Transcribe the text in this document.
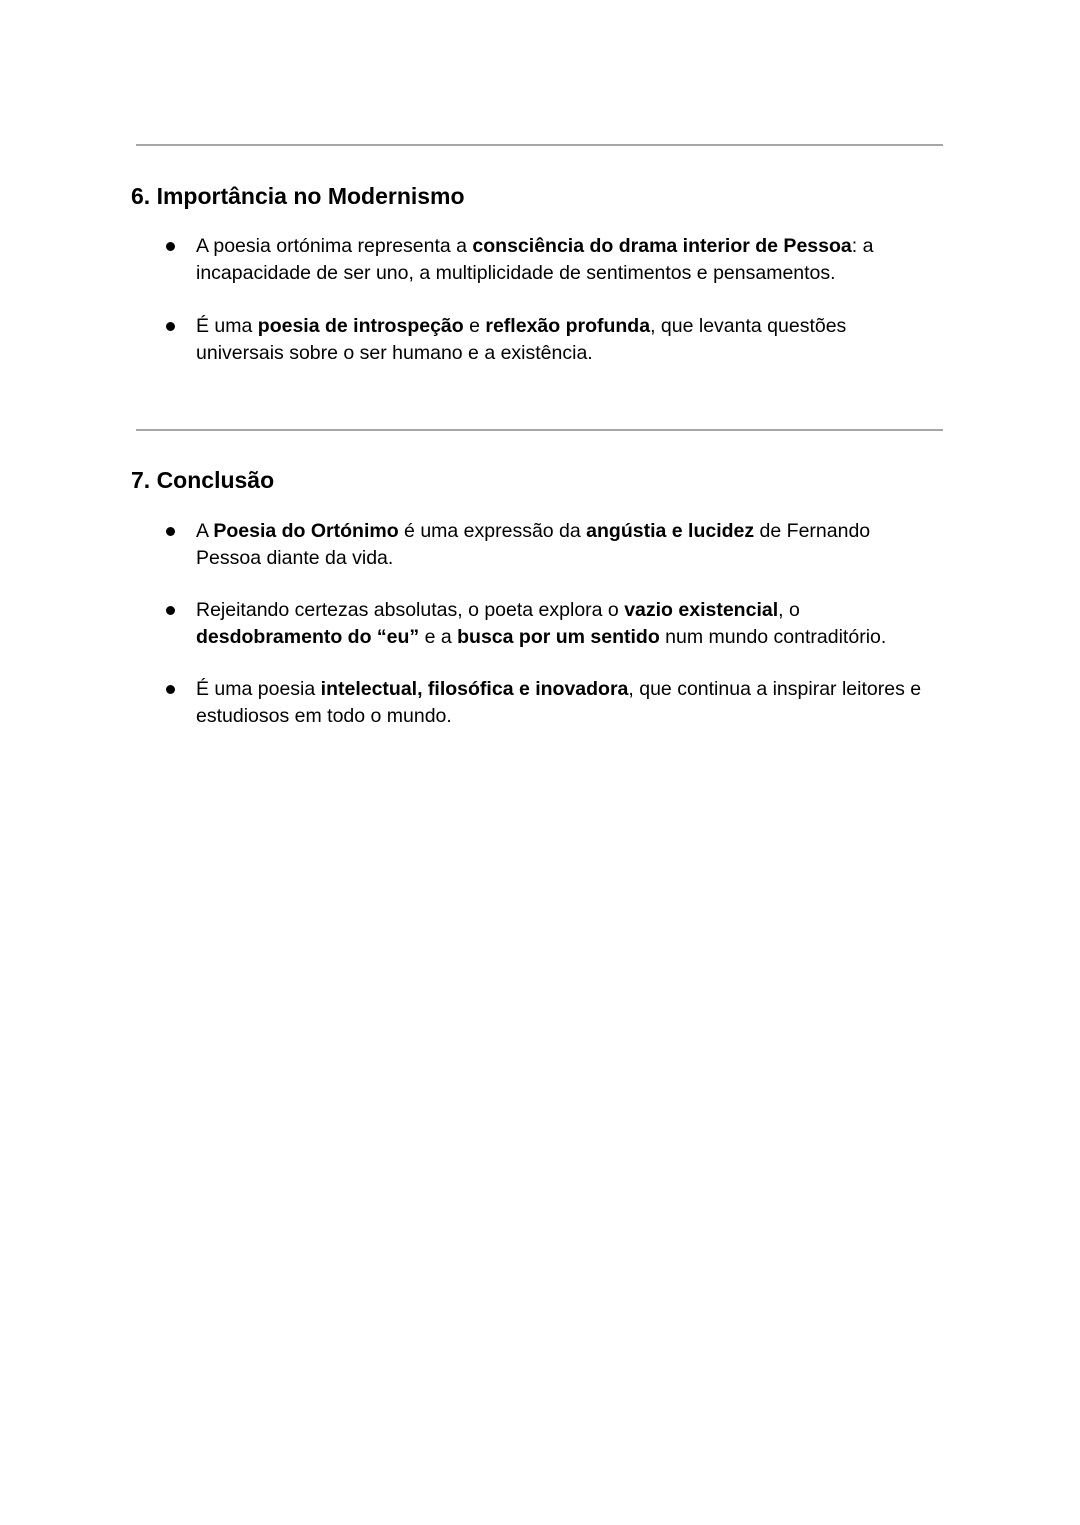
6. Importância no Modernismo

A poesia ortónima representa a consciência do drama interior de Pessoa: a
incapacidade de ser uno, a multiplicidade de sentimentos e pensamentos.

É uma poesia de introspeção e reflexão profunda, que levanta questões
universais sobre o ser humano e a existência.

7. Conclusão

A Poesia do Ortónimo é uma expressão da angústia e lucidez de Fernando
Pessoa diante da vida.

Rejeitando certezas absolutas, o poeta explora o vazio existencial, o
desdobramento do “eu” e a busca por um sentido num mundo contraditório.

É uma poesia intelectual, filosófica e inovadora, que continua a inspirar leitores e
estudiosos em todo o mundo.
